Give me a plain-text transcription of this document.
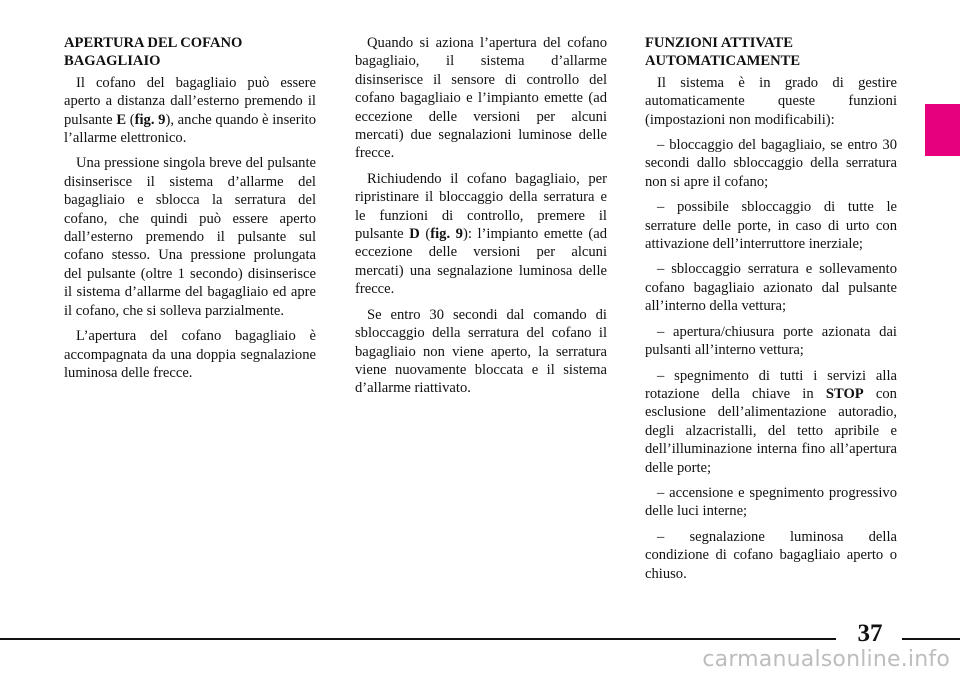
APERTURA DEL COFANO
BAGAGLIAIO

Il cofano del bagagliaio può essere aperto a distanza dall’esterno premendo il pulsante E (fig. 9), anche quando è inserito l’allarme elettronico.

Una pressione singola breve del pulsante disinserisce il sistema d’allarme del bagagliaio e sblocca la serratura del cofano, che quindi può essere aperto dall’esterno premendo il pulsante sul cofano stesso. Una pressione prolungata del pulsante (oltre 1 secondo) disinserisce il sistema d’allarme del bagagliaio ed apre il cofano, che si solleva parzialmente.

L’apertura del cofano bagagliaio è accompagnata da una doppia segnalazione luminosa delle frecce.

Quando si aziona l’apertura del cofano bagagliaio, il sistema d’allarme disinserisce il sensore di controllo del cofano bagagliaio e l’impianto emette (ad eccezione delle versioni per alcuni mercati) due segnalazioni luminose delle frecce.

Richiudendo il cofano bagagliaio, per ripristinare il bloccaggio della serratura e le funzioni di controllo, premere il pulsante D (fig. 9): l’impianto emette (ad eccezione delle versioni per alcuni mercati) una segnalazione luminosa delle frecce.

Se entro 30 secondi dal comando di sbloccaggio della serratura del cofano il bagagliaio non viene aperto, la serratura viene nuovamente bloccata e il sistema d’allarme riattivato.

FUNZIONI ATTIVATE
AUTOMATICAMENTE

Il sistema è in grado di gestire automaticamente queste funzioni (impostazioni non modificabili):

– bloccaggio del bagagliaio, se entro 30 secondi dallo sbloccaggio della serratura non si apre il cofano;

– possibile sbloccaggio di tutte le serrature delle porte, in caso di urto con attivazione dell’interruttore inerziale;

– sbloccaggio serratura e sollevamento cofano bagagliaio azionato dal pulsante all’interno della vettura;

– apertura/chiusura porte azionata dai pulsanti all’interno vettura;

– spegnimento di tutti i servizi alla rotazione della chiave in STOP con esclusione dell’alimentazione autoradio, degli alzacristalli, del tetto apribile e dell’illuminazione interna fino all’apertura delle porte;

– accensione e spegnimento progressivo delle luci interne;

– segnalazione luminosa della condizione di cofano bagagliaio aperto o chiuso.

37
carmanualsonline.info
